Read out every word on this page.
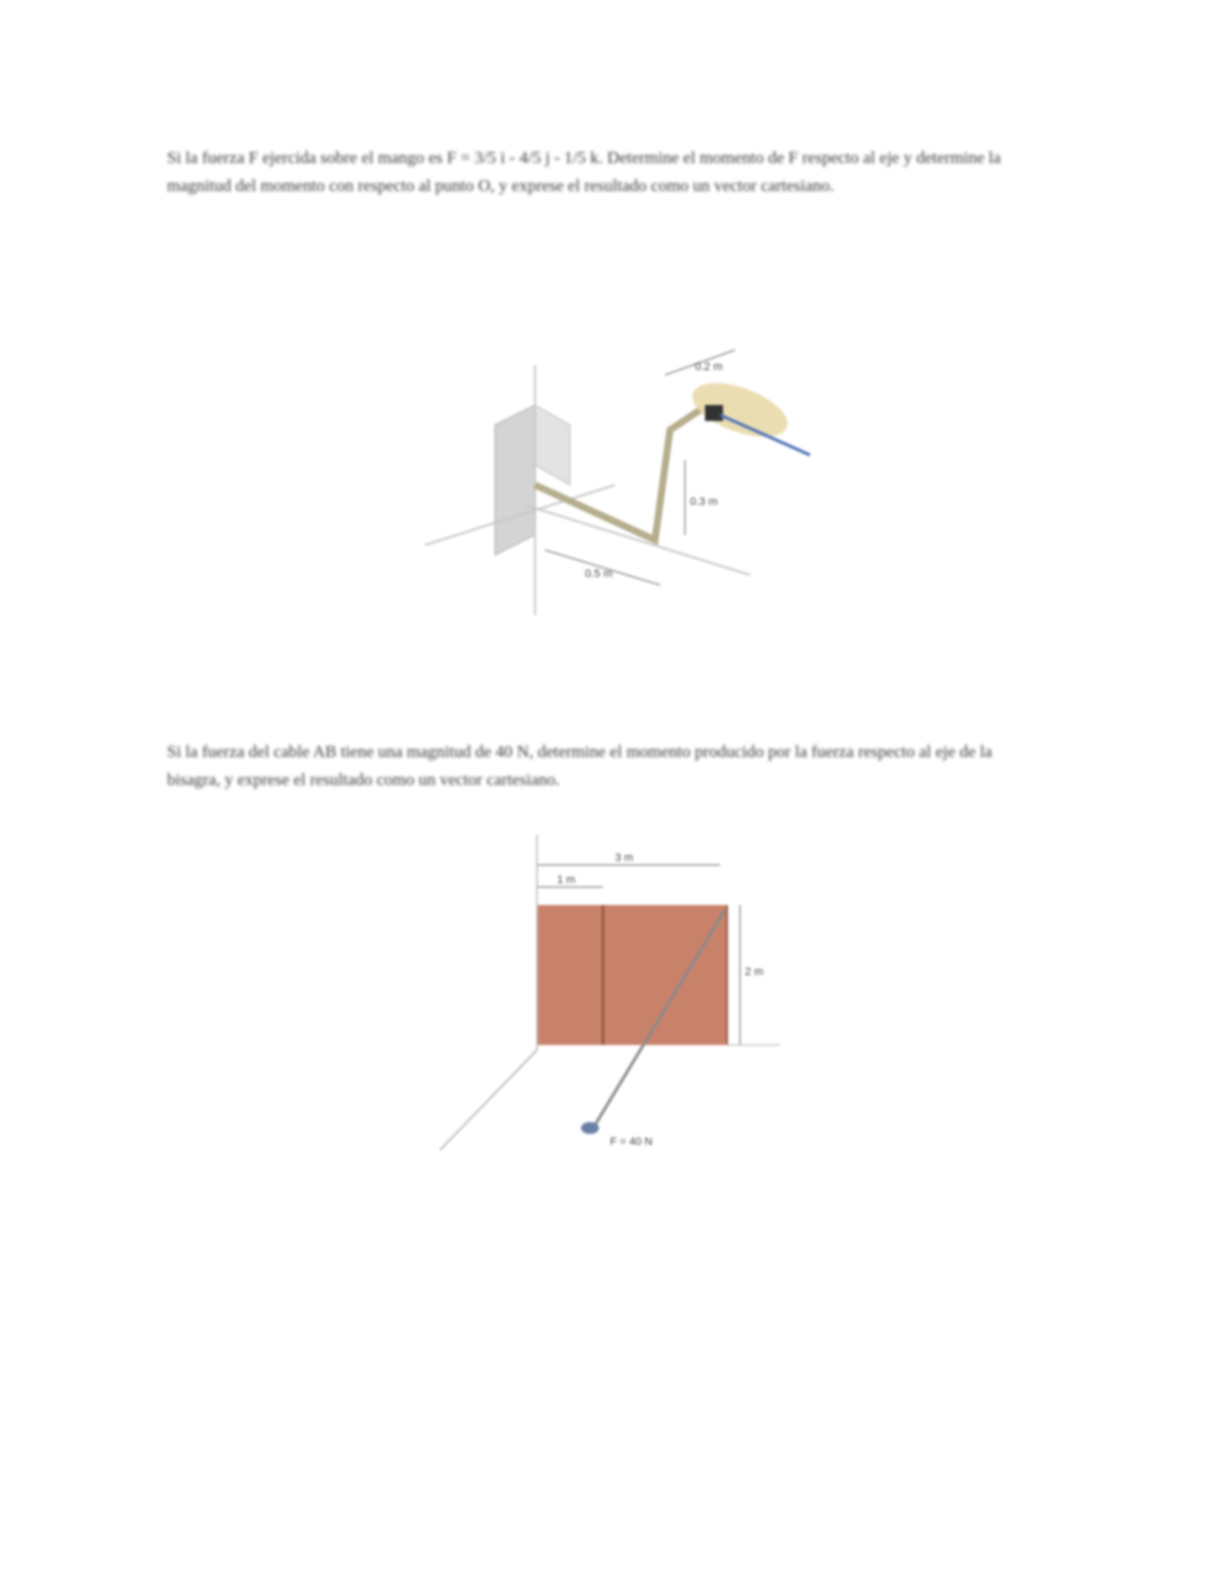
Si la fuerza F ejercida sobre el mango es F = 3/5 i - 4/5 j - 1/5 k. Determine el momento de F respecto al eje y determine la magnitud del momento con respecto al punto O, y exprese el resultado como un vector cartesiano.
0.2 m
0.3 m
0.5 m
Si la fuerza del cable AB tiene una magnitud de 40 N, determine el momento producido por la fuerza respecto al eje de la bisagra, y exprese el resultado como un vector cartesiano.
3 m
1 m
2 m
F = 40 N
